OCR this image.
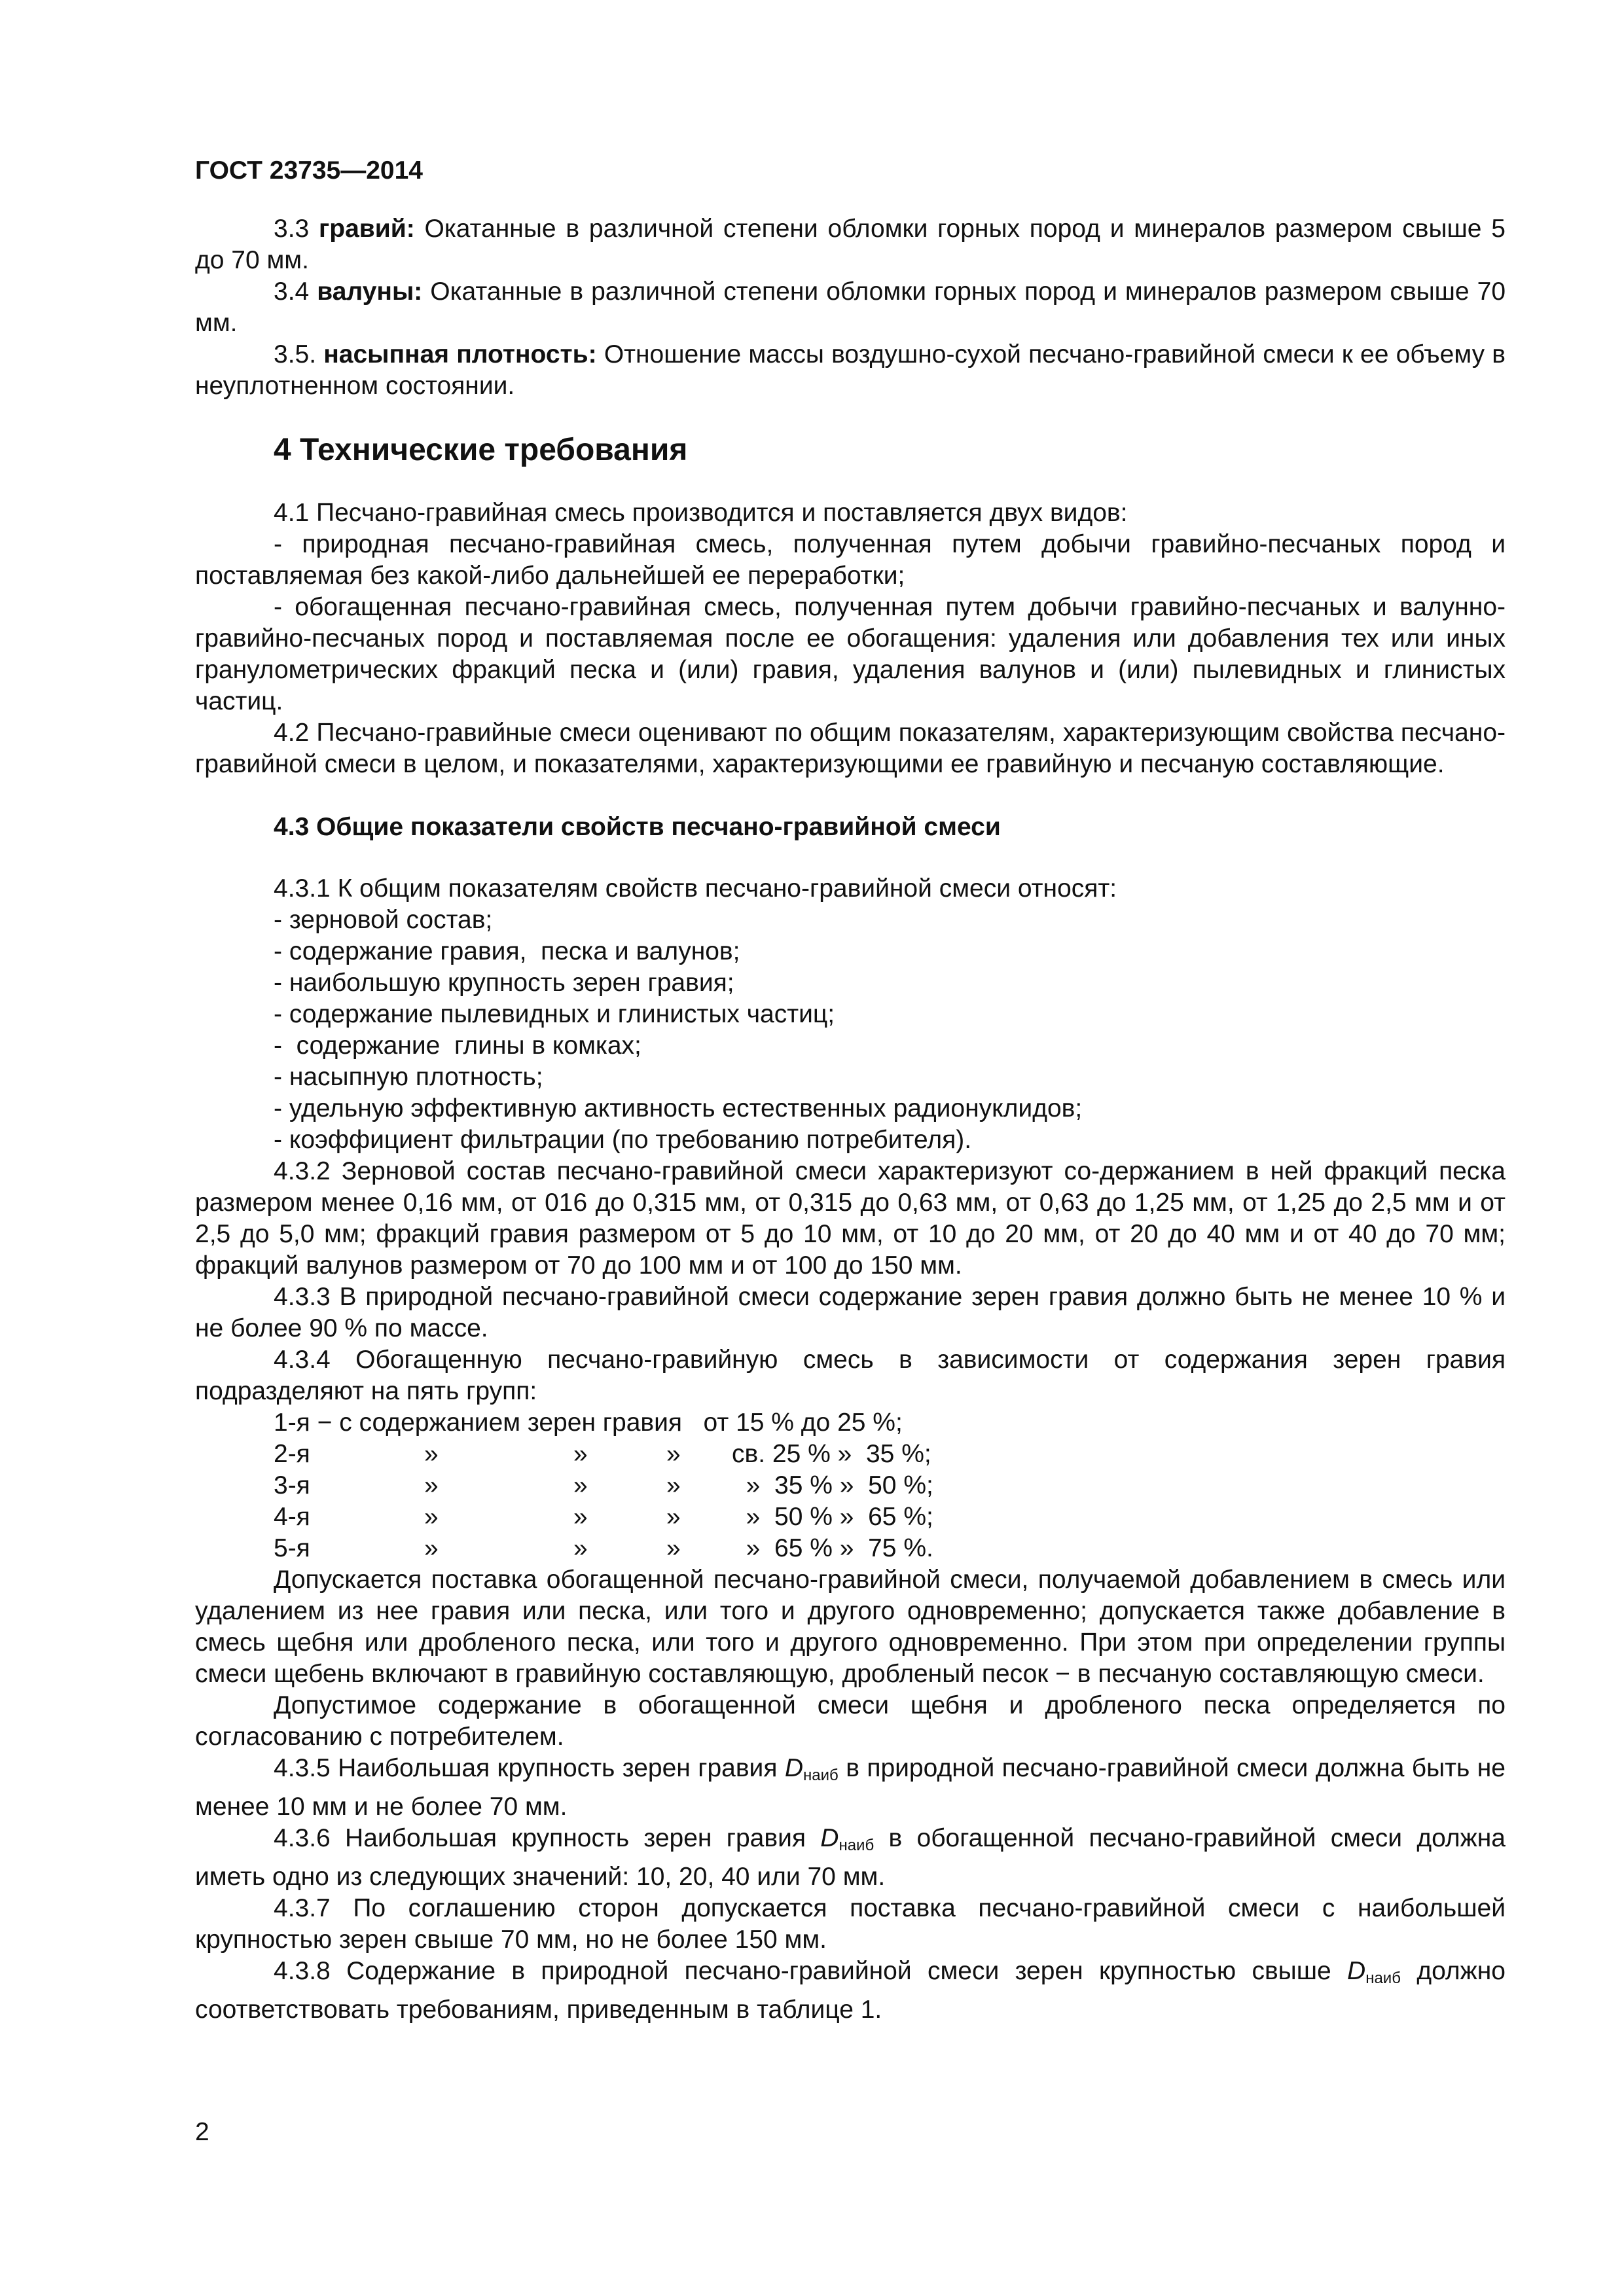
ГОСТ 23735—2014

3.3 гравий: Окатанные в различной степени обломки горных пород и минералов размером свыше 5 до 70 мм.

3.4 валуны: Окатанные в различной степени обломки горных пород и минералов размером свыше 70 мм.

3.5. насыпная плотность: Отношение массы воздушно-сухой песчано-гравийной смеси к ее объему в неуплотненном состоянии.

4 Технические требования

4.1 Песчано-гравийная смесь производится и поставляется двух видов:

- природная песчано-гравийная смесь, полученная путем добычи гравийно-песчаных пород и поставляемая без какой-либо дальнейшей ее переработки;

- обогащенная песчано-гравийная смесь, полученная путем добычи гравийно-песчаных и валунно-гравийно-песчаных пород и поставляемая после ее обогащения: удаления или добавления тех или иных гранулометрических фракций песка и (или) гравия, удаления валунов и (или) пылевидных и глинистых частиц.

4.2 Песчано-гравийные смеси оценивают по общим показателям, характеризующим свойства песчано-гравийной смеси в целом, и показателями, характеризующими ее гравийную и песчаную составляющие.

4.3 Общие показатели свойств песчано-гравийной смеси

4.3.1 К общим показателям свойств песчано-гравийной смеси относят:

- зерновой состав;

- содержание гравия,  песка и валунов;

- наибольшую крупность зерен гравия;

- содержание пылевидных и глинистых частиц;

-  содержание  глины в комках;

- насыпную плотность;

- удельную эффективную активность естественных радионуклидов;

- коэффициент фильтрации (по требованию потребителя).

4.3.2 Зерновой состав песчано-гравийной смеси характеризуют со-держанием в ней фракций песка размером менее 0,16 мм, от 016 до 0,315 мм, от 0,315 до 0,63 мм, от 0,63 до 1,25 мм, от 1,25 до 2,5 мм и от 2,5 до 5,0 мм; фракций гравия размером от 5 до 10 мм, от 10 до 20 мм, от 20 до 40 мм и от 40 до 70 мм; фракций валунов размером от 70 до 100 мм и от 100 до 150 мм.

4.3.3 В природной песчано-гравийной смеси содержание зерен гравия должно быть не менее 10 % и не более 90 % по массе.

4.3.4 Обогащенную песчано-гравийную смесь в зависимости от содержания зерен гравия подразделяют на пять групп:

1-я − с содержанием зерен гравия   от 15 % до 25 %;
2-я	»	»	»	св. 25 % »  35 %;
3-я	»	»	»	»  35 % »  50 %;
4-я	»	»	»	»  50 % »  65 %;
5-я	»	»	»	»  65 % »  75 %.

Допускается поставка обогащенной песчано-гравийной смеси, получаемой добавлением в смесь или удалением из нее гравия или песка, или того и другого одновременно; допускается также добавление в смесь щебня или дробленого песка, или того и другого одновременно. При этом при определении группы смеси щебень включают в гравийную составляющую, дробленый песок − в песчаную составляющую смеси.

Допустимое содержание в обогащенной смеси щебня и дробленого песка определяется по согласованию с потребителем.

4.3.5 Наибольшая крупность зерен гравия $D_{наиб}$ в природной песчано-гравийной смеси должна быть не менее 10 мм и не более 70 мм.

4.3.6 Наибольшая крупность зерен гравия $D_{наиб}$ в обогащенной песчано-гравийной смеси должна иметь одно из следующих значений: 10, 20, 40 или 70 мм.

4.3.7 По соглашению сторон допускается поставка песчано-гравийной смеси с наибольшей крупностью зерен свыше 70 мм, но не более 150 мм.

4.3.8 Содержание в природной песчано-гравийной смеси зерен крупностью свыше $D_{наиб}$ должно соответствовать требованиям, приведенным в таблице 1.

2
